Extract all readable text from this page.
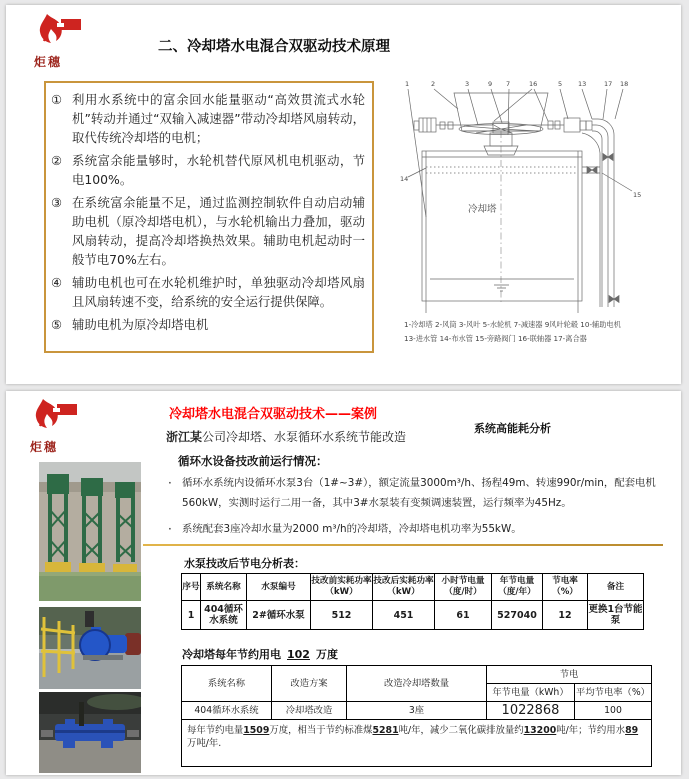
炬穗
二、冷却塔水电混合双驱动技术原理
① 利用水系统中的富余回水能量驱动“高效贯流式水轮机”转动并通过“双输入减速器”带动冷却塔风扇转动，取代传统冷却塔的电机；
② 系统富余能量够时，水轮机替代原风机电机驱动，节电100%。
③ 在系统富余能量不足，通过监测控制软件自动启动辅助电机（原冷却塔电机），与水轮机输出力叠加，驱动风扇转动，提高冷却塔换热效果。辅助电机起动时一般节电70%左右。
④ 辅助电机也可在水轮机维护时，单独驱动冷却塔风扇且风扇转速不变，给系统的安全运行提供保障。
⑤ 辅助电机为原冷却塔电机
1	2	3	9 7	16	5 13	17 18
14
15
冷却塔
1-冷却塔 2-风筒 3-风叶 5-水轮机 7-减速器 9风叶轮毂 10-辅助电机
13-进水管 14-布水管 15-旁路阀门 16-联轴器 17-离合器
炬穗
冷却塔水电混合双驱动技术——案例
系统高能耗分析
浙江某公司冷却塔、水泵循环水系统节能改造
循环水设备技改前运行情况：
· 循环水系统内设循环水泵3台（1#~3#），额定流量3000m³/h、扬程49m、转速990r/min，配套电机560kW，实测时运行二用一备，其中3#水泵装有变频调速装置，运行频率为45Hz。
· 系统配套3座冷却水量为2000 m³/h的冷却塔，冷却塔电机功率为55kW。
水泵技改后节电分析表：
序号	系统名称	水泵编号	技改前实耗功率（kW）	技改后实耗功率（kW）	小时节电量（度/时）	年节电量（度/年）	节电率（%）	备注
1	404循环水系统	2#循环水泵	512	451	61	527040	12	更换1台节能泵
冷却塔每年节约用电 102 万度
系统名称	改造方案	改造冷却塔数量	节电	
			年节电量（kWh）	平均节电率（%）
404循环水系统	冷却塔改造	3座	1022868	100
每年节约电量1509万度，相当于节约标准煤5281吨/年，减少二氧化碳排放量约13200吨/年；节约用水89万吨/年.				
